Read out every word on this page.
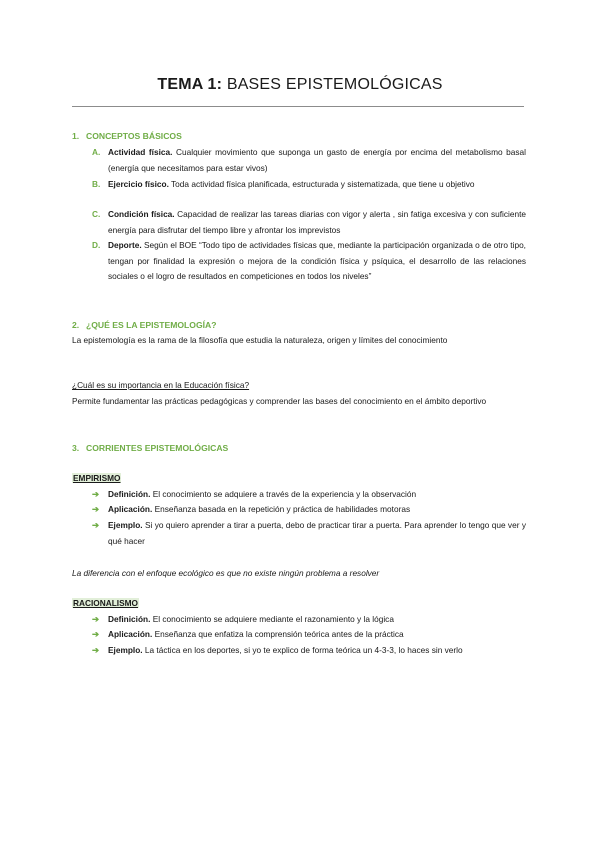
TEMA 1: BASES EPISTEMOLÓGICAS
1. CONCEPTOS BÁSICOS
A. Actividad física. Cualquier movimiento que suponga un gasto de energía por encima del metabolismo basal (energía que necesitamos para estar vivos)
B. Ejercicio físico. Toda actividad física planificada, estructurada y sistematizada, que tiene u objetivo
C. Condición física. Capacidad de realizar las tareas diarias con vigor y alerta , sin fatiga excesiva y con suficiente energía para disfrutar del tiempo libre y afrontar los imprevistos
D. Deporte. Según el BOE “Todo tipo de actividades físicas que, mediante la participación organizada o de otro tipo, tengan por finalidad la expresión o mejora de la condición física y psíquica, el desarrollo de las relaciones sociales o el logro de resultados en competiciones en todos los niveles”
2. ¿QUÉ ES LA EPISTEMOLOGÍA?
La epistemología es la rama de la filosofía que estudia la naturaleza, origen y límites del conocimiento
¿Cuál es su importancia en la Educación física?
Permite fundamentar las prácticas pedagógicas y comprender las bases del conocimiento en el ámbito deportivo
3. CORRIENTES EPISTEMOLÓGICAS
EMPIRISMO
➔ Definición. El conocimiento se adquiere a través de la experiencia y la observación
➔ Aplicación. Enseñanza basada en la repetición y práctica de habilidades motoras
➔ Ejemplo. Si yo quiero aprender a tirar a puerta, debo de practicar tirar a puerta. Para aprender lo tengo que ver y qué hacer
La diferencia con el enfoque ecológico es que no existe ningún problema a resolver
RACIONALISMO
➔ Definición. El conocimiento se adquiere mediante el razonamiento y la lógica
➔ Aplicación. Enseñanza que enfatiza la comprensión teórica antes de la práctica
➔ Ejemplo. La táctica en los deportes, si yo te explico de forma teórica un 4-3-3, lo haces sin verlo
